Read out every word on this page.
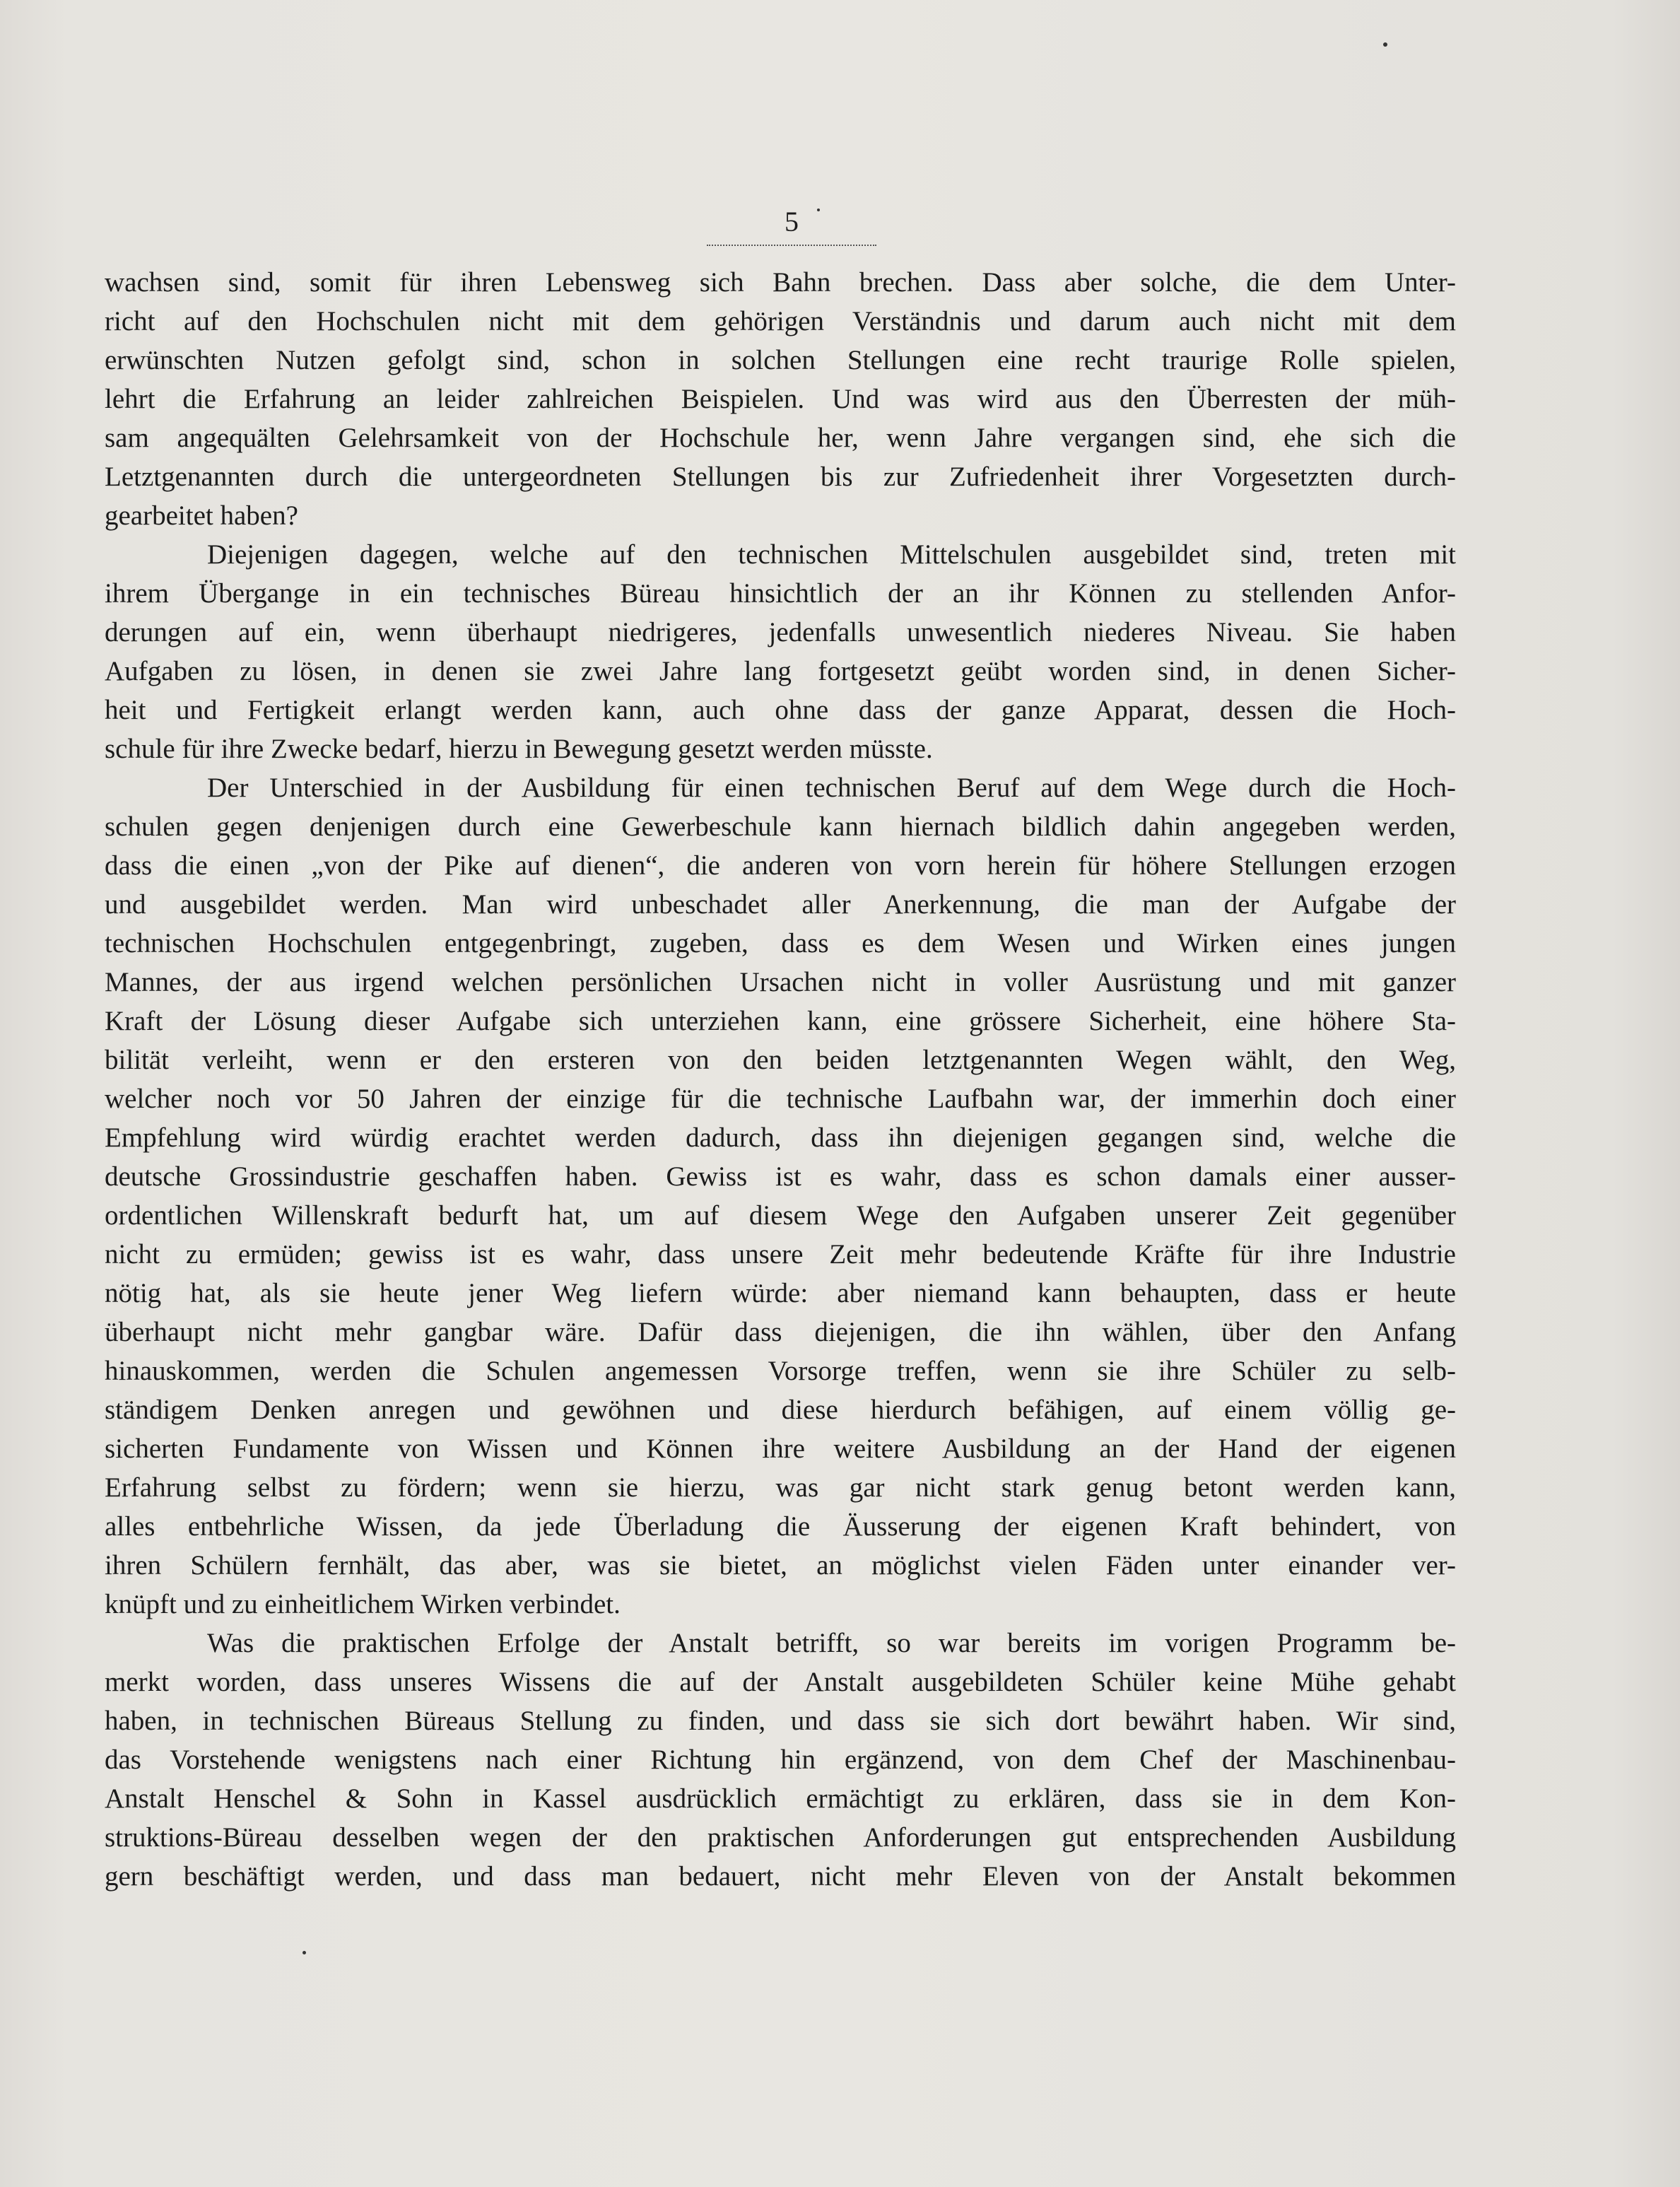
5
wachsen sind, somit für ihren Lebensweg sich Bahn brechen. Dass aber solche, die dem Unter-
richt auf den Hochschulen nicht mit dem gehörigen Verständnis und darum auch nicht mit dem
erwünschten Nutzen gefolgt sind, schon in solchen Stellungen eine recht traurige Rolle spielen,
lehrt die Erfahrung an leider zahlreichen Beispielen. Und was wird aus den Überresten der müh-
sam angequälten Gelehrsamkeit von der Hochschule her, wenn Jahre vergangen sind, ehe sich die
Letztgenannten durch die untergeordneten Stellungen bis zur Zufriedenheit ihrer Vorgesetzten durch-
gearbeitet haben?
Diejenigen dagegen, welche auf den technischen Mittelschulen ausgebildet sind, treten mit
ihrem Übergange in ein technisches Büreau hinsichtlich der an ihr Können zu stellenden Anfor-
derungen auf ein, wenn überhaupt niedrigeres, jedenfalls unwesentlich niederes Niveau. Sie haben
Aufgaben zu lösen, in denen sie zwei Jahre lang fortgesetzt geübt worden sind, in denen Sicher-
heit und Fertigkeit erlangt werden kann, auch ohne dass der ganze Apparat, dessen die Hoch-
schule für ihre Zwecke bedarf, hierzu in Bewegung gesetzt werden müsste.
Der Unterschied in der Ausbildung für einen technischen Beruf auf dem Wege durch die Hoch-
schulen gegen denjenigen durch eine Gewerbeschule kann hiernach bildlich dahin angegeben werden,
dass die einen „von der Pike auf dienen“, die anderen von vorn herein für höhere Stellungen erzogen
und ausgebildet werden. Man wird unbeschadet aller Anerkennung, die man der Aufgabe der
technischen Hochschulen entgegenbringt, zugeben, dass es dem Wesen und Wirken eines jungen
Mannes, der aus irgend welchen persönlichen Ursachen nicht in voller Ausrüstung und mit ganzer
Kraft der Lösung dieser Aufgabe sich unterziehen kann, eine grössere Sicherheit, eine höhere Sta-
bilität verleiht, wenn er den ersteren von den beiden letztgenannten Wegen wählt, den Weg,
welcher noch vor 50 Jahren der einzige für die technische Laufbahn war, der immerhin doch einer
Empfehlung wird würdig erachtet werden dadurch, dass ihn diejenigen gegangen sind, welche die
deutsche Grossindustrie geschaffen haben. Gewiss ist es wahr, dass es schon damals einer ausser-
ordentlichen Willenskraft bedurft hat, um auf diesem Wege den Aufgaben unserer Zeit gegenüber
nicht zu ermüden; gewiss ist es wahr, dass unsere Zeit mehr bedeutende Kräfte für ihre Industrie
nötig hat, als sie heute jener Weg liefern würde: aber niemand kann behaupten, dass er heute
überhaupt nicht mehr gangbar wäre. Dafür dass diejenigen, die ihn wählen, über den Anfang
hinauskommen, werden die Schulen angemessen Vorsorge treffen, wenn sie ihre Schüler zu selb-
ständigem Denken anregen und gewöhnen und diese hierdurch befähigen, auf einem völlig ge-
sicherten Fundamente von Wissen und Können ihre weitere Ausbildung an der Hand der eigenen
Erfahrung selbst zu fördern; wenn sie hierzu, was gar nicht stark genug betont werden kann,
alles entbehrliche Wissen, da jede Überladung die Äusserung der eigenen Kraft behindert, von
ihren Schülern fernhält, das aber, was sie bietet, an möglichst vielen Fäden unter einander ver-
knüpft und zu einheitlichem Wirken verbindet.
Was die praktischen Erfolge der Anstalt betrifft, so war bereits im vorigen Programm be-
merkt worden, dass unseres Wissens die auf der Anstalt ausgebildeten Schüler keine Mühe gehabt
haben, in technischen Büreaus Stellung zu finden, und dass sie sich dort bewährt haben. Wir sind,
das Vorstehende wenigstens nach einer Richtung hin ergänzend, von dem Chef der Maschinenbau-
Anstalt Henschel & Sohn in Kassel ausdrücklich ermächtigt zu erklären, dass sie in dem Kon-
struktions-Büreau desselben wegen der den praktischen Anforderungen gut entsprechenden Ausbildung
gern beschäftigt werden, und dass man bedauert, nicht mehr Eleven von der Anstalt bekommen
